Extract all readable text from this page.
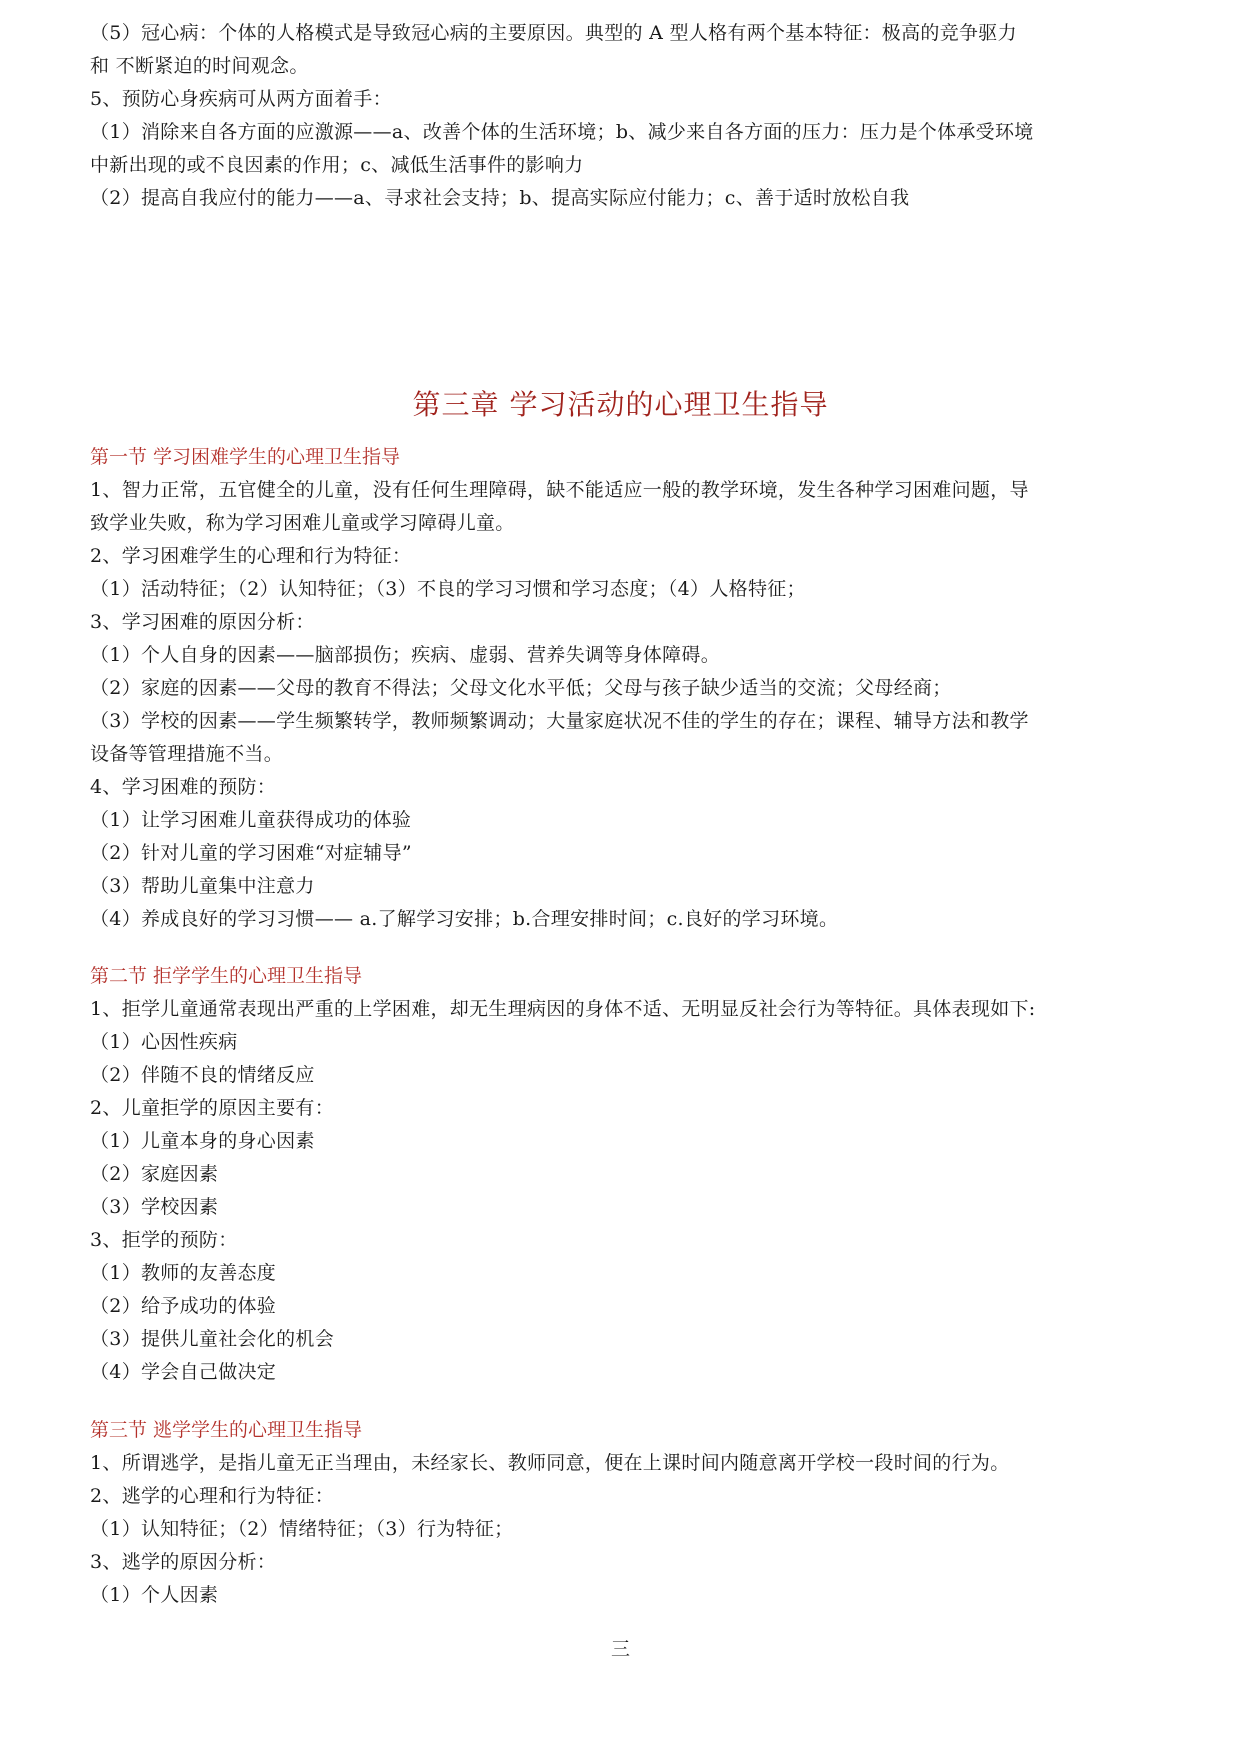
（5）冠心病：个体的人格模式是导致冠心病的主要原因。典型的 A 型人格有两个基本特征：极高的竞争驱力
和 不断紧迫的时间观念。
5、预防心身疾病可从两方面着手：
（1）消除来自各方面的应激源——a、改善个体的生活环境；b、减少来自各方面的压力：压力是个体承受环境
中新出现的或不良因素的作用；c、减低生活事件的影响力
（2）提高自我应付的能力——a、寻求社会支持；b、提高实际应付能力；c、善于适时放松自我
第三章 学习活动的心理卫生指导
第一节 学习困难学生的心理卫生指导
1、智力正常，五官健全的儿童，没有任何生理障碍，缺不能适应一般的教学环境，发生各种学习困难问题，导
致学业失败，称为学习困难儿童或学习障碍儿童。
2、学习困难学生的心理和行为特征：
（1）活动特征；（2）认知特征；（3）不良的学习习惯和学习态度；（4）人格特征；
3、学习困难的原因分析：
（1）个人自身的因素——脑部损伤；疾病、虚弱、营养失调等身体障碍。
（2）家庭的因素——父母的教育不得法；父母文化水平低；父母与孩子缺少适当的交流；父母经商；
（3）学校的因素——学生频繁转学，教师频繁调动；大量家庭状况不佳的学生的存在；课程、辅导方法和教学
设备等管理措施不当。
4、学习困难的预防：
（1）让学习困难儿童获得成功的体验
（2）针对儿童的学习困难“对症辅导”
（3）帮助儿童集中注意力
（4）养成良好的学习习惯—— a.了解学习安排；b.合理安排时间；c.良好的学习环境。
第二节 拒学学生的心理卫生指导
1、拒学儿童通常表现出严重的上学困难，却无生理病因的身体不适、无明显反社会行为等特征。具体表现如下:
（1）心因性疾病
（2）伴随不良的情绪反应
2、儿童拒学的原因主要有：
（1）儿童本身的身心因素
（2）家庭因素
（3）学校因素
3、拒学的预防：
（1）教师的友善态度
（2）给予成功的体验
（3）提供儿童社会化的机会
（4）学会自己做决定
第三节 逃学学生的心理卫生指导
1、所谓逃学，是指儿童无正当理由，未经家长、教师同意，便在上课时间内随意离开学校一段时间的行为。
2、逃学的心理和行为特征：
（1）认知特征；（2）情绪特征；（3）行为特征；
3、逃学的原因分析：
（1）个人因素
三
